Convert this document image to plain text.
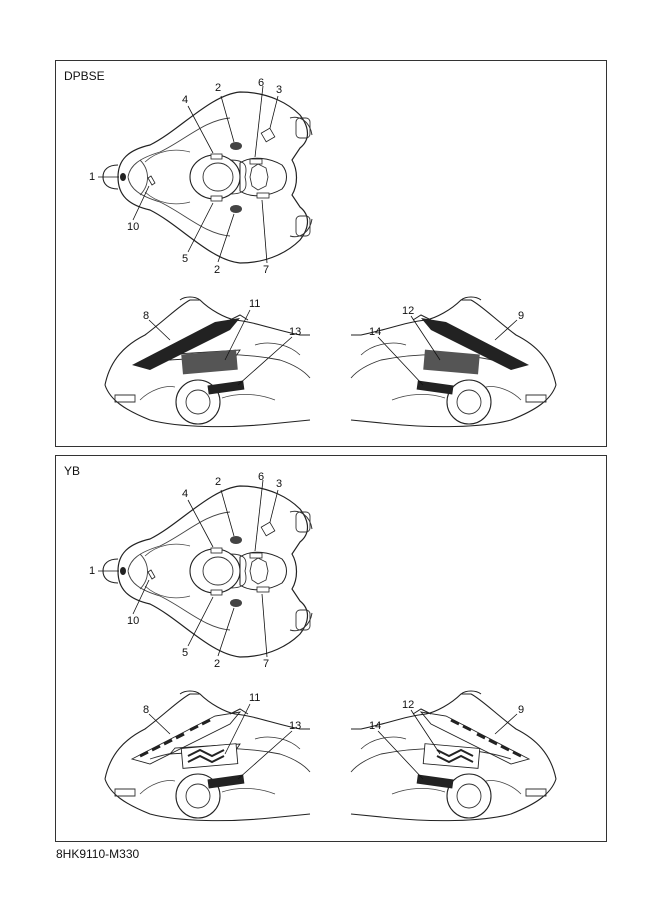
DPBSE
YB
1
2	3
4
5
6
7
10
2
8
11
13	14
12	9
1
2	3
4
5
6
7
10
2
8
11
13	14
12	9
8HK9110-M330
